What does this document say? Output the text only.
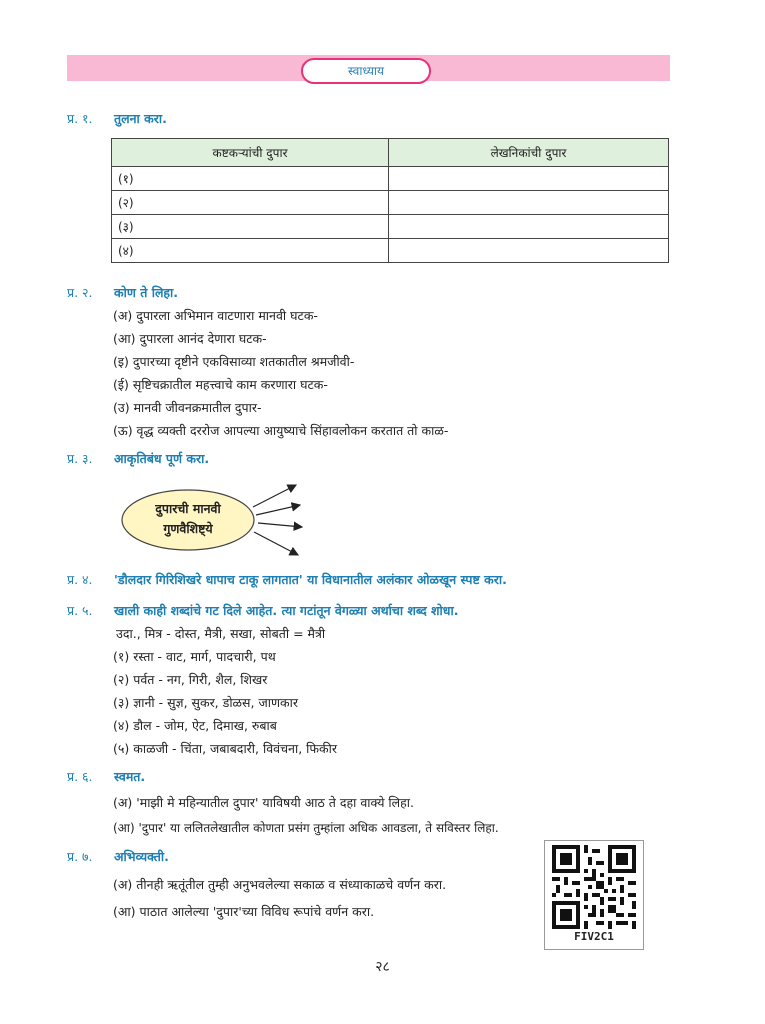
स्वाध्याय
प्र. १. तुलना करा.
कष्टकऱ्यांची दुपार	लेखनिकांची दुपार
(१)	
(२)	
(३)	
(४)	
प्र. २. कोण ते लिहा.
(अ) दुपारला अभिमान वाटणारा मानवी घटक-
(आ) दुपारला आनंद देणारा घटक-
(इ) दुपारच्या दृष्टीने एकविसाव्या शतकातील श्रमजीवी-
(ई) सृष्टिचक्रातील महत्त्वाचे काम करणारा घटक-
(उ) मानवी जीवनक्रमातील दुपार-
(ऊ) वृद्ध व्यक्ती दररोज आपल्या आयुष्याचे सिंहावलोकन करतात तो काळ-
प्र. ३. आकृतिबंध पूर्ण करा.
दुपारची मानवी
गुणवैशिष्ट्ये
प्र. ४. 'डौलदार गिरिशिखरे धापाच टाकू लागतात' या विधानातील अलंकार ओळखून स्पष्ट करा.
प्र. ५. खाली काही शब्दांचे गट दिले आहेत. त्या गटांतून वेगळ्या अर्थाचा शब्द शोधा.
उदा., मित्र - दोस्त, मैत्री, सखा, सोबती = मैत्री
(१) रस्ता - वाट, मार्ग, पादचारी, पथ
(२) पर्वत - नग, गिरी, शैल, शिखर
(३) ज्ञानी - सुज्ञ, सुकर, डोळस, जाणकार
(४) डौल - जोम, ऐट, दिमाख, रुबाब
(५) काळजी - चिंता, जबाबदारी, विवंचना, फिकीर
प्र. ६. स्वमत.
(अ) 'माझी मे महिन्यातील दुपार' याविषयी आठ ते दहा वाक्ये लिहा.
(आ) 'दुपार' या ललितलेखातील कोणता प्रसंग तुम्हांला अधिक आवडला, ते सविस्तर लिहा.
प्र. ७. अभिव्यक्ती.
(अ) तीनही ऋतूंतील तुम्ही अनुभवलेल्या सकाळ व संध्याकाळचे वर्णन करा.
(आ) पाठात आलेल्या 'दुपार'च्या विविध रूपांचे वर्णन करा.
FIV2C1
२८
